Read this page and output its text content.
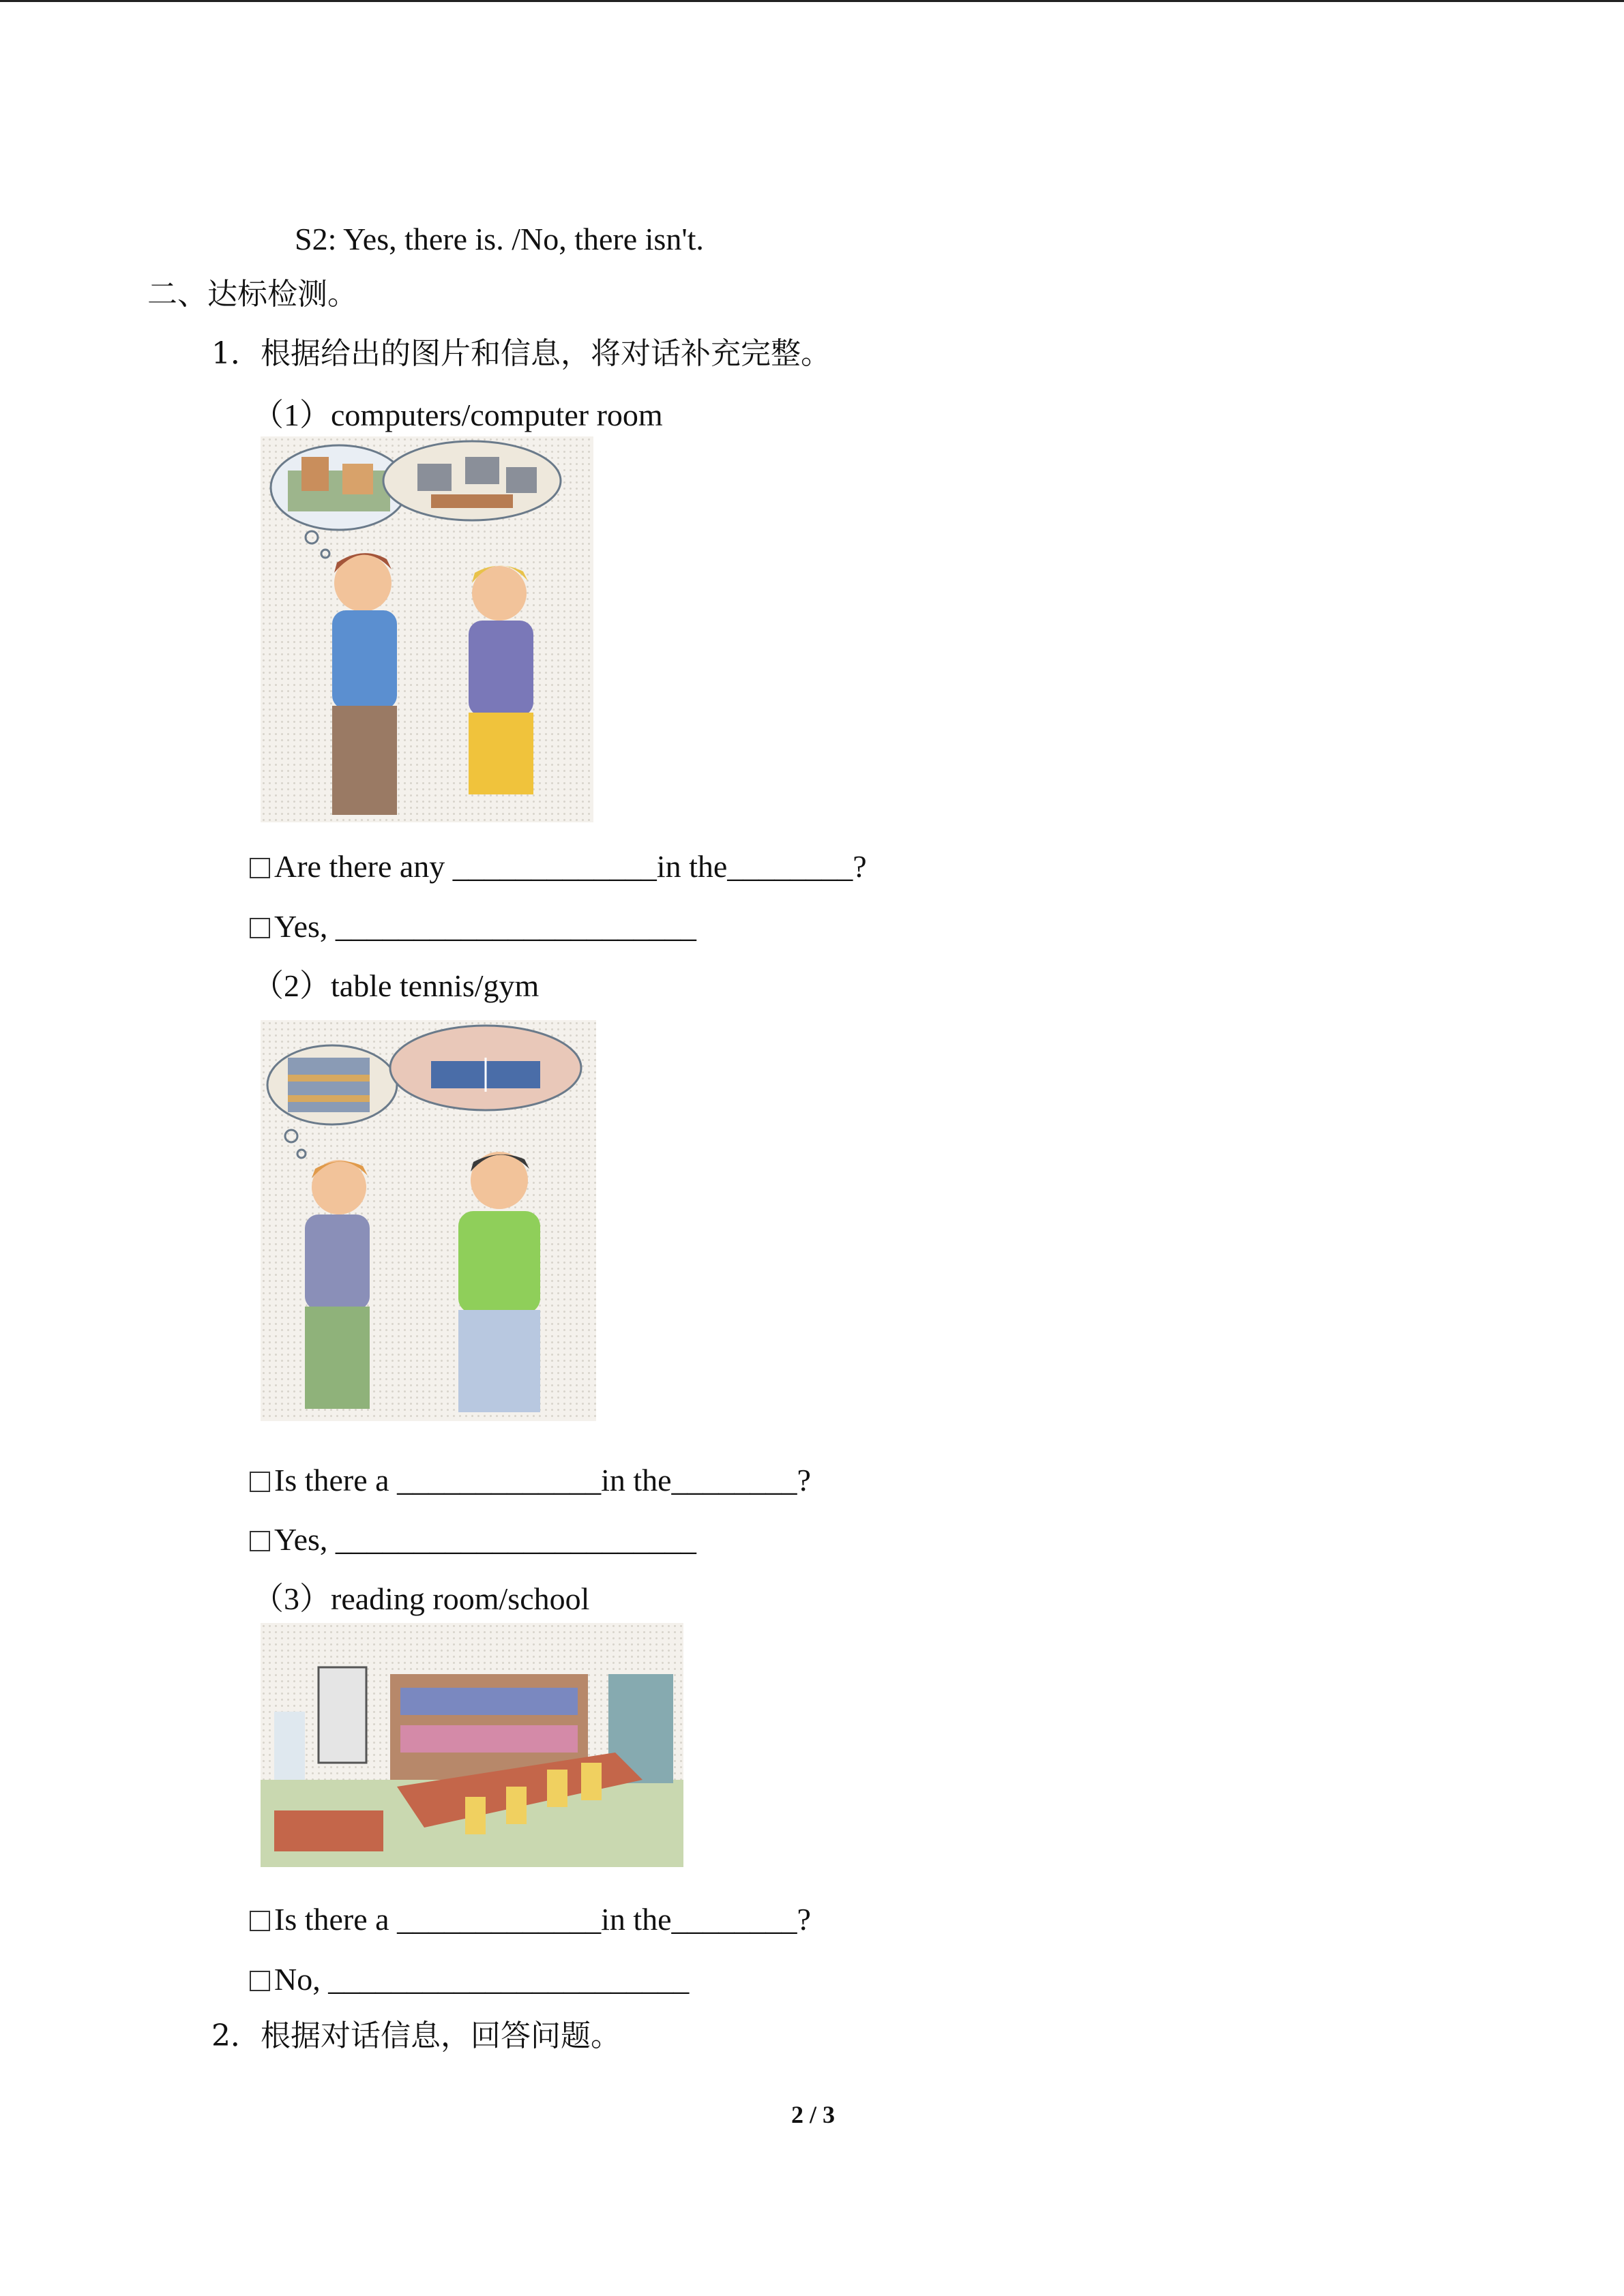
S2: Yes, there is. /No, there isn't.
二、达标检测。
1．根据给出的图片和信息，将对话补充完整。
（1）computers/computer room
Are there any _____________in the________?
Yes, _______________________
（2）table tennis/gym
Is there a _____________in the________?
Yes, _______________________
（3）reading room/school
Is there a _____________in the________?
No, _______________________
2．根据对话信息，回答问题。
2 / 3
